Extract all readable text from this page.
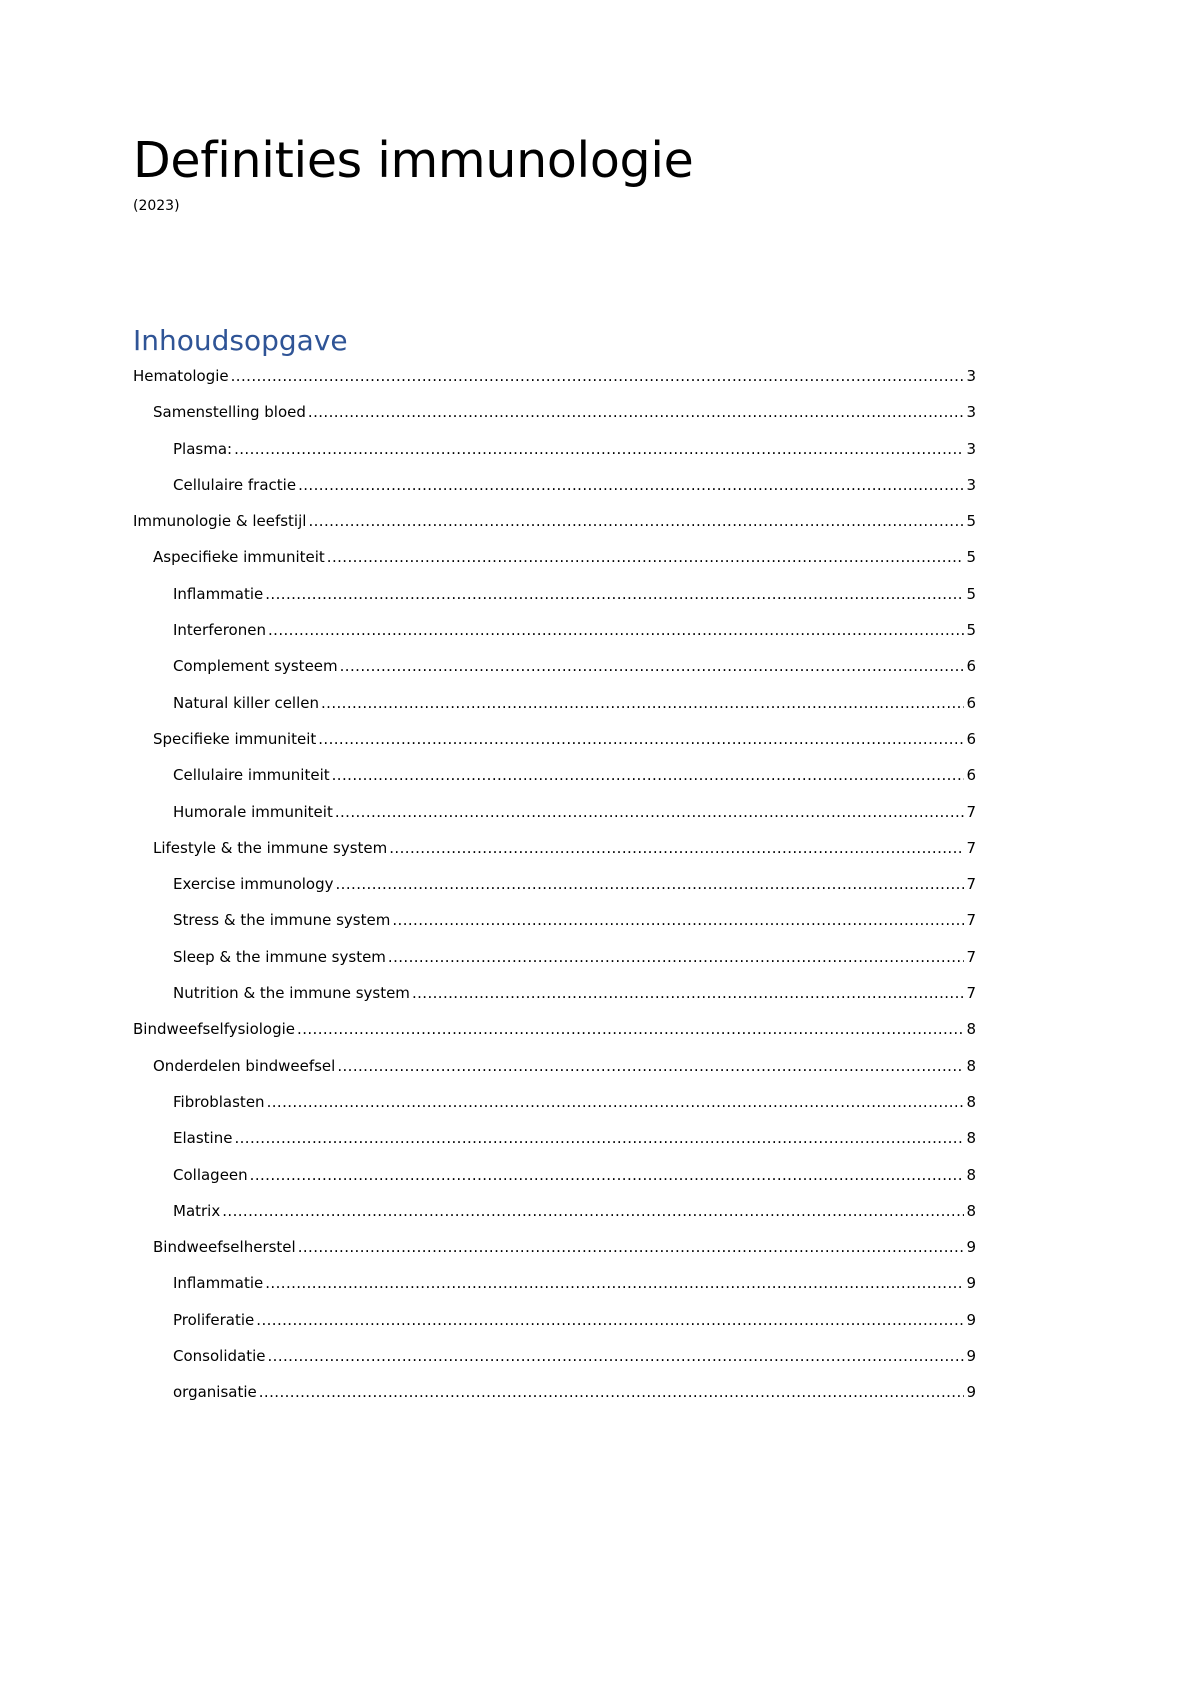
Definities immunologie

(2023)

Inhoudsopgave
Hematologie .....	3
Samenstelling bloed .....	3
Plasma: .....	3
Cellulaire fractie .....	3
Immunologie & leefstijl .....	5
Aspecifieke immuniteit .....	5
Inflammatie .....	5
Interferonen .....	5
Complement systeem .....	6
Natural killer cellen .....	6
Specifieke immuniteit .....	6
Cellulaire immuniteit .....	6
Humorale immuniteit .....	7
Lifestyle & the immune system .....	7
Exercise immunology .....	7
Stress & the immune system .....	7
Sleep & the immune system .....	7
Nutrition & the immune system .....	7
Bindweefselfysiologie .....	8
Onderdelen bindweefsel .....	8
Fibroblasten .....	8
Elastine .....	8
Collageen .....	8
Matrix .....	8
Bindweefselherstel .....	9
Inflammatie .....	9
Proliferatie .....	9
Consolidatie .....	9
organisatie .....	9
